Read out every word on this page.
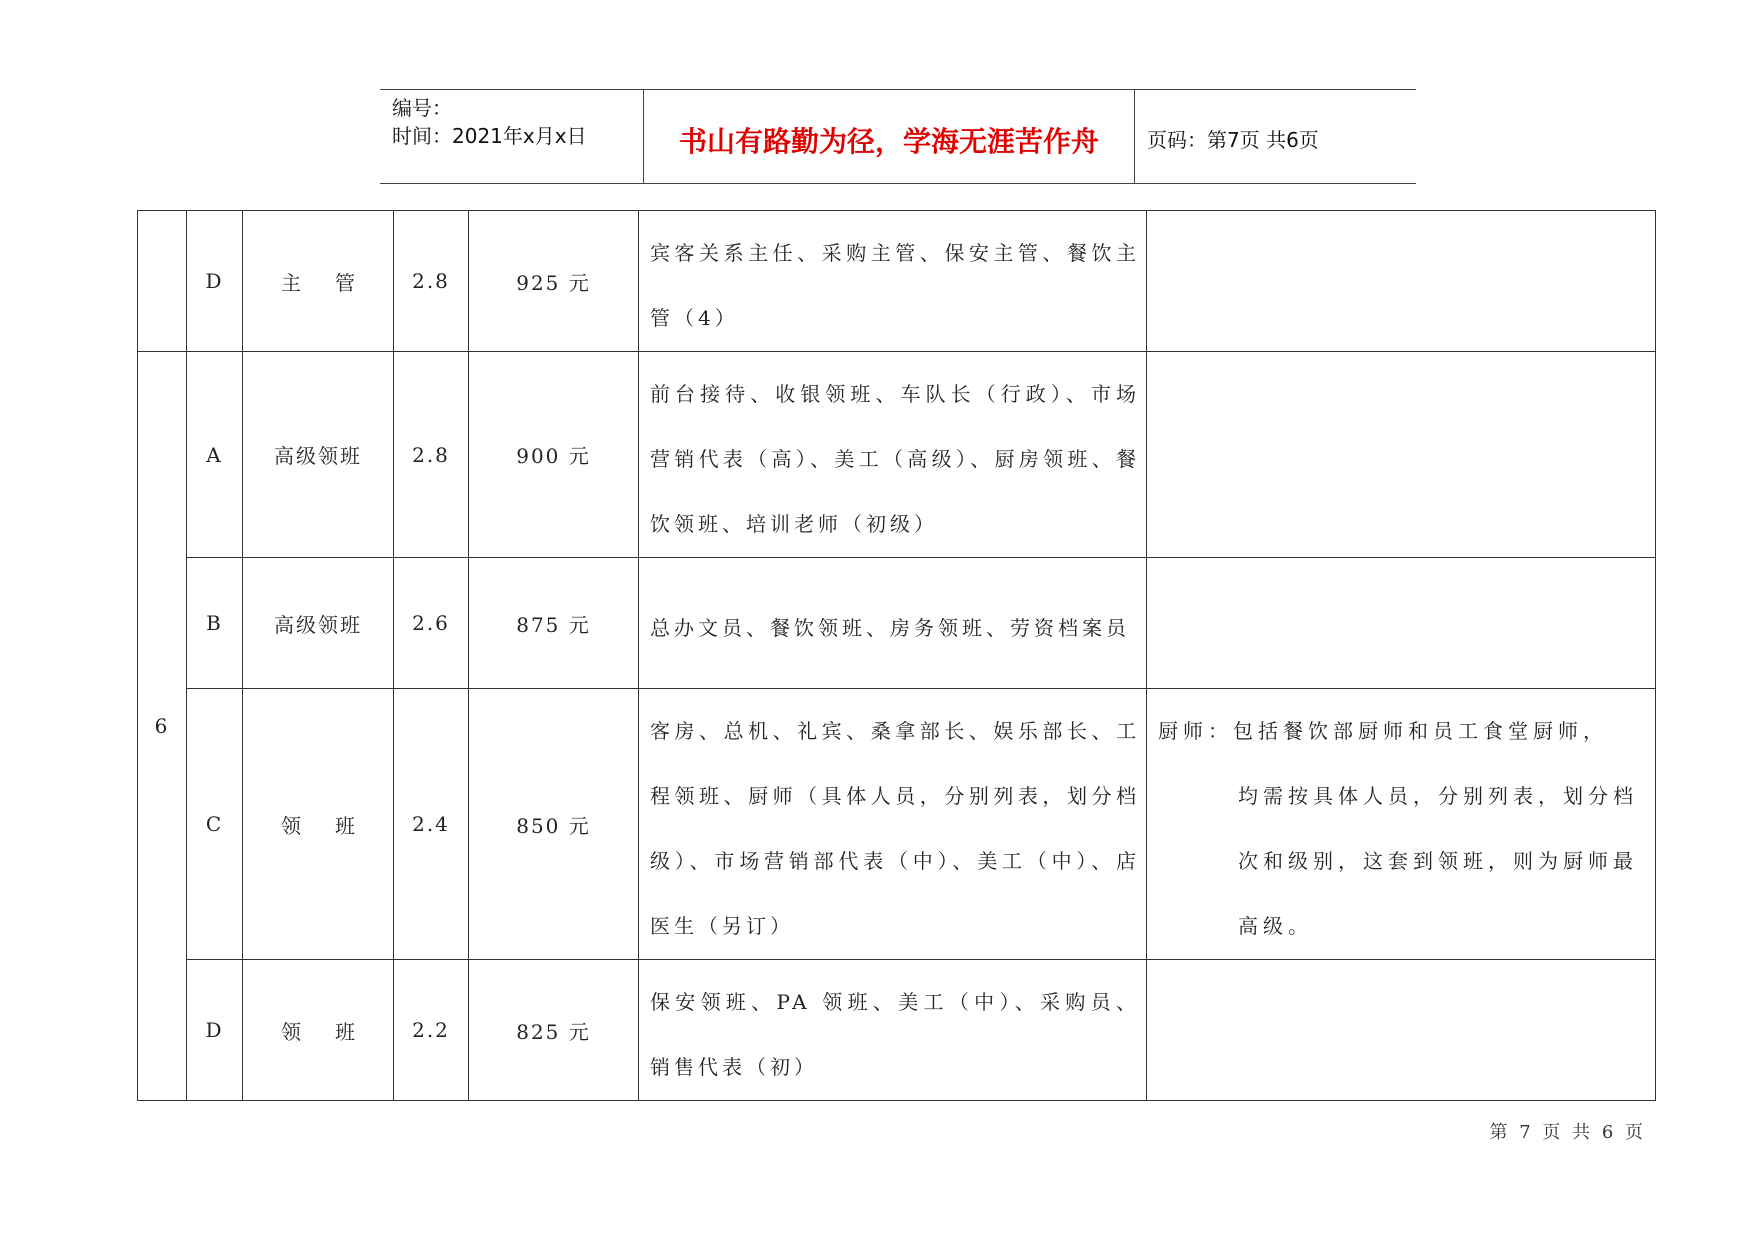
编号：
时间：2021年x月x日	书山有路勤为径，学海无涯苦作舟	页码：第7页 共6页
	D	主管	2.8	925 元	宾客关系主任、采购主管、保安主管、餐饮主管（4）	

6	A	高级领班	2.8	900 元	前台接待、收银领班、车队长（行政）、市场营销代表（高）、美工（高级）、厨房领班、餐饮领班、培训老师（初级）	

	B	高级领班	2.6	875 元	总办文员、餐饮领班、房务领班、劳资档案员	

	C	领班	2.4	850 元	客房、总机、礼宾、桑拿部长、娱乐部长、工程领班、厨师（具体人员，分别列表，划分档级）、市场营销部代表（中）、美工（中）、店医生（另订）	厨师：包括餐饮部厨师和员工食堂厨师，
均需按具体人员，分别列表，划分档次和级别，这套到领班，则为厨师最高级。

	D	领班	2.2	825 元	保安领班、PA 领班、美工（中）、采购员、销售代表（初）	

第 7 页 共 6 页
